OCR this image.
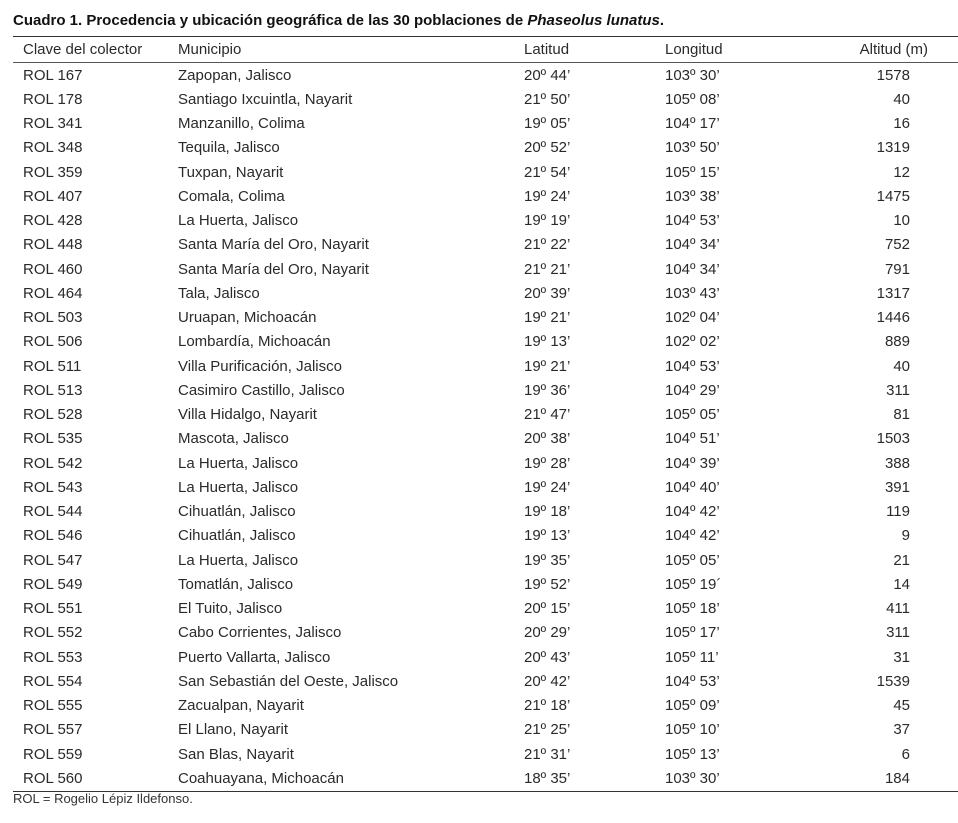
Cuadro 1. Procedencia y ubicación geográfica de las 30 poblaciones de Phaseolus lunatus.
Clave del colector	Municipio	Latitud	Longitud	Altitud (m)
ROL 167	Zapopan, Jalisco	20º 44’	103º 30’	1578
ROL 178	Santiago Ixcuintla, Nayarit	21º 50’	105º 08’	40
ROL 341	Manzanillo, Colima	19º 05’	104º 17’	16
ROL 348	Tequila, Jalisco	20º 52’	103º 50’	1319
ROL 359	Tuxpan, Nayarit	21º 54’	105º 15’	12
ROL 407	Comala, Colima	19º 24’	103º 38’	1475
ROL 428	La Huerta, Jalisco	19º 19’	104º 53’	10
ROL 448	Santa María del Oro, Nayarit	21º 22’	104º 34’	752
ROL 460	Santa María del Oro, Nayarit	21º 21’	104º 34’	791
ROL 464	Tala, Jalisco	20º 39’	103º 43’	1317
ROL 503	Uruapan, Michoacán	19º 21’	102º 04’	1446
ROL 506	Lombardía, Michoacán	19º 13’	102º 02’	889
ROL 511	Villa Purificación, Jalisco	19º 21’	104º 53’	40
ROL 513	Casimiro Castillo, Jalisco	19º 36’	104º 29’	311
ROL 528	Villa Hidalgo, Nayarit	21º 47’	105º 05’	81
ROL 535	Mascota, Jalisco	20º 38’	104º 51’	1503
ROL 542	La Huerta, Jalisco	19º 28’	104º 39’	388
ROL 543	La Huerta, Jalisco	19º 24’	104º 40’	391
ROL 544	Cihuatlán, Jalisco	19º 18’	104º 42’	119
ROL 546	Cihuatlán, Jalisco	19º 13’	104º 42’	9
ROL 547	La Huerta, Jalisco	19º 35’	105º 05’	21
ROL 549	Tomatlán, Jalisco	19º 52’	105º 19´	14
ROL 551	El Tuito, Jalisco	20º 15’	105º 18’	411
ROL 552	Cabo Corrientes, Jalisco	20º 29’	105º 17’	311
ROL 553	Puerto Vallarta, Jalisco	20º 43’	105º 11’	31
ROL 554	San Sebastián del Oeste, Jalisco	20º 42’	104º 53’	1539
ROL 555	Zacualpan, Nayarit	21º 18’	105º 09’	45
ROL 557	El Llano, Nayarit	21º 25’	105º 10’	37
ROL 559	San Blas, Nayarit	21º 31’	105º 13’	6
ROL 560	Coahuayana, Michoacán	18º 35’	103º 30’	184
ROL = Rogelio Lépiz Ildefonso.
